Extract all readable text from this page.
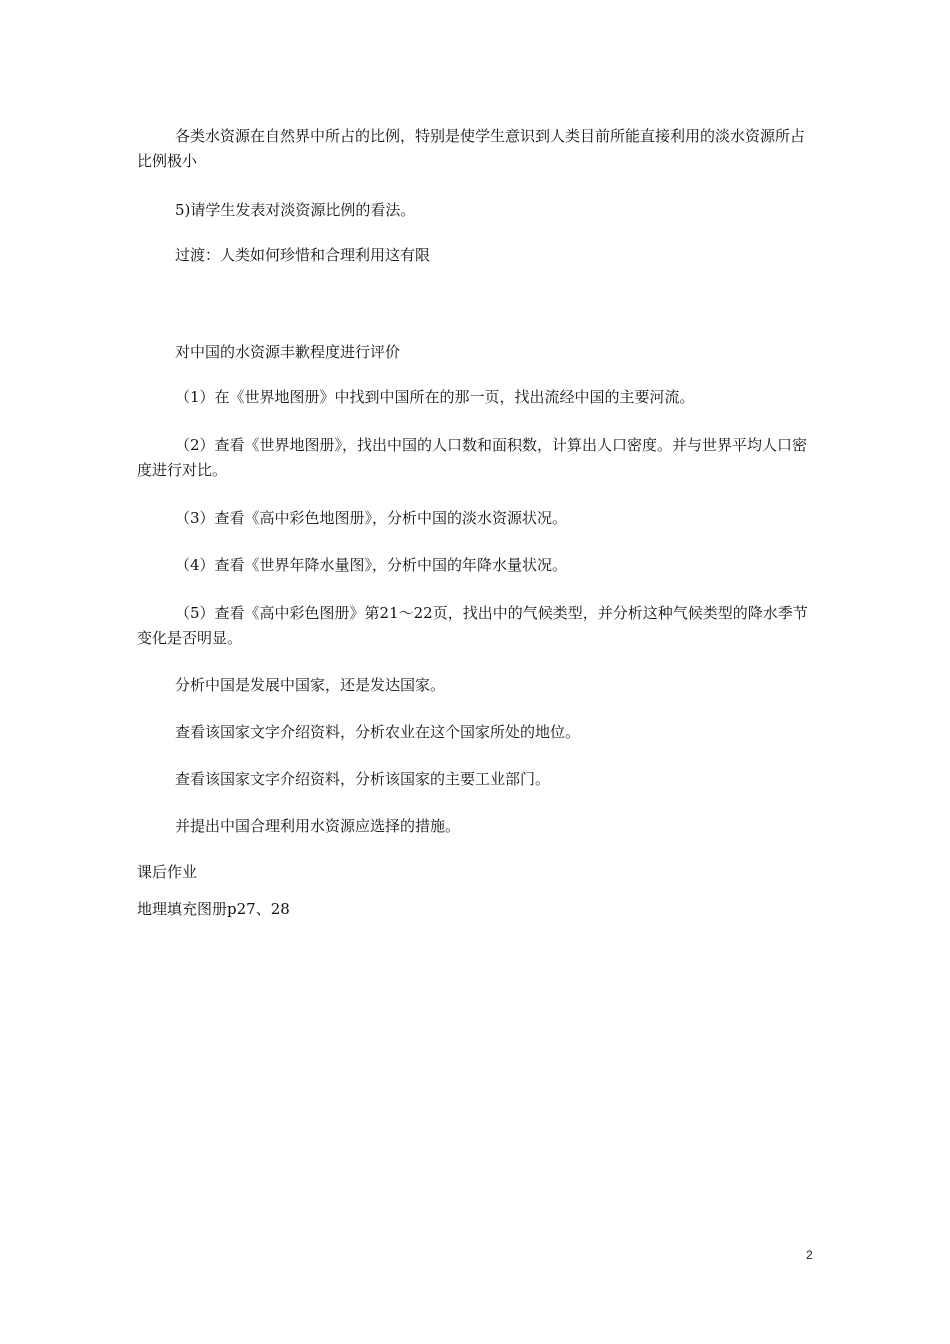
各类水资源在自然界中所占的比例，特别是使学生意识到人类目前所能直接利用的淡水资源所占比例极小

5)请学生发表对淡资源比例的看法。

过渡：人类如何珍惜和合理利用这有限

对中国的水资源丰歉程度进行评价

（1）在《世界地图册》中找到中国所在的那一页，找出流经中国的主要河流。

（2）查看《世界地图册》，找出中国的人口数和面积数，计算出人口密度。并与世界平均人口密度进行对比。

（3）查看《高中彩色地图册》，分析中国的淡水资源状况。

（4）查看《世界年降水量图》，分析中国的年降水量状况。

（5）查看《高中彩色图册》第21～22页，找出中的气候类型，并分析这种气候类型的降水季节变化是否明显。

分析中国是发展中国家，还是发达国家。

查看该国家文字介绍资料，分析农业在这个国家所处的地位。

查看该国家文字介绍资料，分析该国家的主要工业部门。

并提出中国合理利用水资源应选择的措施。

课后作业

地理填充图册p27、28

2
